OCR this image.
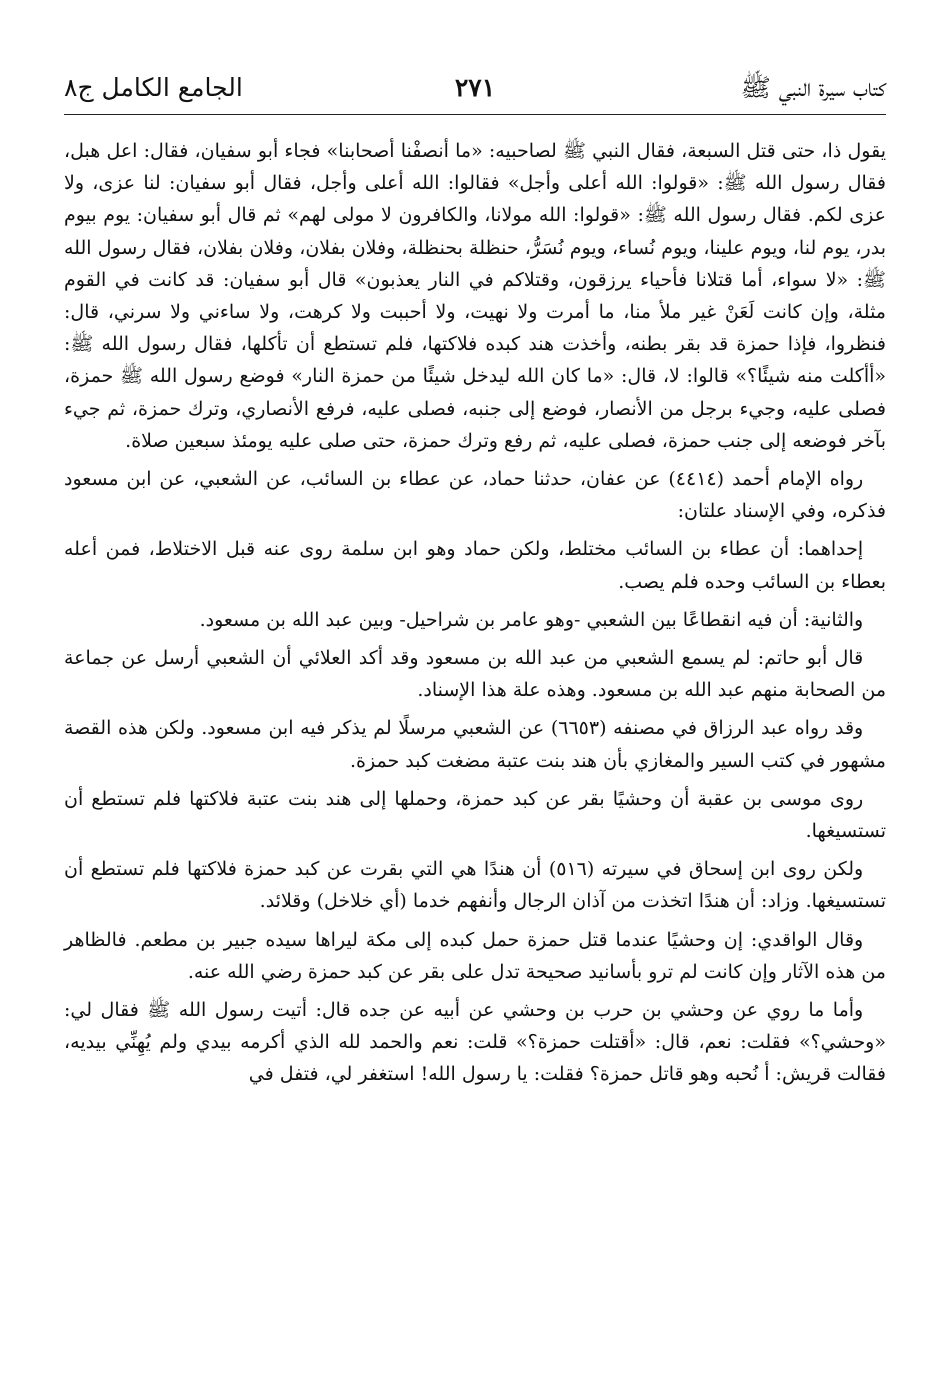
كتاب سيرة النبي ﷺ
٢٧١
الجامع الكامل ج٨

يقول ذا، حتى قتل السبعة، فقال النبي ﷺ لصاحبيه: «ما أنصفْنا أصحابنا» فجاء أبو سفيان، فقال: اعل هبل، فقال رسول الله ﷺ: «قولوا: الله أعلى وأجل» فقالوا: الله أعلى وأجل، فقال أبو سفيان: لنا عزى، ولا عزى لكم. فقال رسول الله ﷺ: «قولوا: الله مولانا، والكافرون لا مولى لهم» ثم قال أبو سفيان: يوم بيوم بدر، يوم لنا، ويوم علينا، ويوم نُساء، ويوم نُسَرُّ، حنظلة بحنظلة، وفلان بفلان، وفلان بفلان، فقال رسول الله ﷺ: «لا سواء، أما قتلانا فأحياء يرزقون، وقتلاكم في النار يعذبون» قال أبو سفيان: قد كانت في القوم مثلة، وإن كانت لَعَنْ غير ملأ منا، ما أمرت ولا نهيت، ولا أحببت ولا كرهت، ولا ساءني ولا سرني، قال: فنظروا، فإذا حمزة قد بقر بطنه، وأخذت هند كبده فلاكتها، فلم تستطع أن تأكلها، فقال رسول الله ﷺ: «أأكلت منه شيئًا؟» قالوا: لا، قال: «ما كان الله ليدخل شيئًا من حمزة النار» فوضع رسول الله ﷺ حمزة، فصلى عليه، وجيء برجل من الأنصار، فوضع إلى جنبه، فصلى عليه، فرفع الأنصاري، وترك حمزة، ثم جيء بآخر فوضعه إلى جنب حمزة، فصلى عليه، ثم رفع وترك حمزة، حتى صلى عليه يومئذ سبعين صلاة.

رواه الإمام أحمد (٤٤١٤) عن عفان، حدثنا حماد، عن عطاء بن السائب، عن الشعبي، عن ابن مسعود فذكره، وفي الإسناد علتان:

إحداهما: أن عطاء بن السائب مختلط، ولكن حماد وهو ابن سلمة روى عنه قبل الاختلاط، فمن أعله بعطاء بن السائب وحده فلم يصب.

والثانية: أن فيه انقطاعًا بين الشعبي -وهو عامر بن شراحيل- وبين عبد الله بن مسعود.

قال أبو حاتم: لم يسمع الشعبي من عبد الله بن مسعود وقد أكد العلائي أن الشعبي أرسل عن جماعة من الصحابة منهم عبد الله بن مسعود. وهذه علة هذا الإسناد.

وقد رواه عبد الرزاق في مصنفه (٦٦٥٣) عن الشعبي مرسلًا لم يذكر فيه ابن مسعود. ولكن هذه القصة مشهور في كتب السير والمغازي بأن هند بنت عتبة مضغت كبد حمزة.

روى موسى بن عقبة أن وحشيًا بقر عن كبد حمزة، وحملها إلى هند بنت عتبة فلاكتها فلم تستطع أن تستسيغها.

ولكن روى ابن إسحاق في سيرته (٥١٦) أن هندًا هي التي بقرت عن كبد حمزة فلاكتها فلم تستطع أن تستسيغها. وزاد: أن هندًا اتخذت من آذان الرجال وأنفهم خدما (أي خلاخل) وقلائد.

وقال الواقدي: إن وحشيًا عندما قتل حمزة حمل كبده إلى مكة ليراها سيده جبير بن مطعم. فالظاهر من هذه الآثار وإن كانت لم ترو بأسانيد صحيحة تدل على بقر عن كبد حمزة رضي الله عنه.

وأما ما روي عن وحشي بن حرب بن وحشي عن أبيه عن جده قال: أتيت رسول الله ﷺ فقال لي: «وحشي؟» فقلت: نعم، قال: «أقتلت حمزة؟» قلت: نعم والحمد لله الذي أكرمه بيدي ولم يُهِنِّي بيديه، فقالت قريش: أ نُحبه وهو قاتل حمزة؟ فقلت: يا رسول الله! استغفر لي، فتفل في
